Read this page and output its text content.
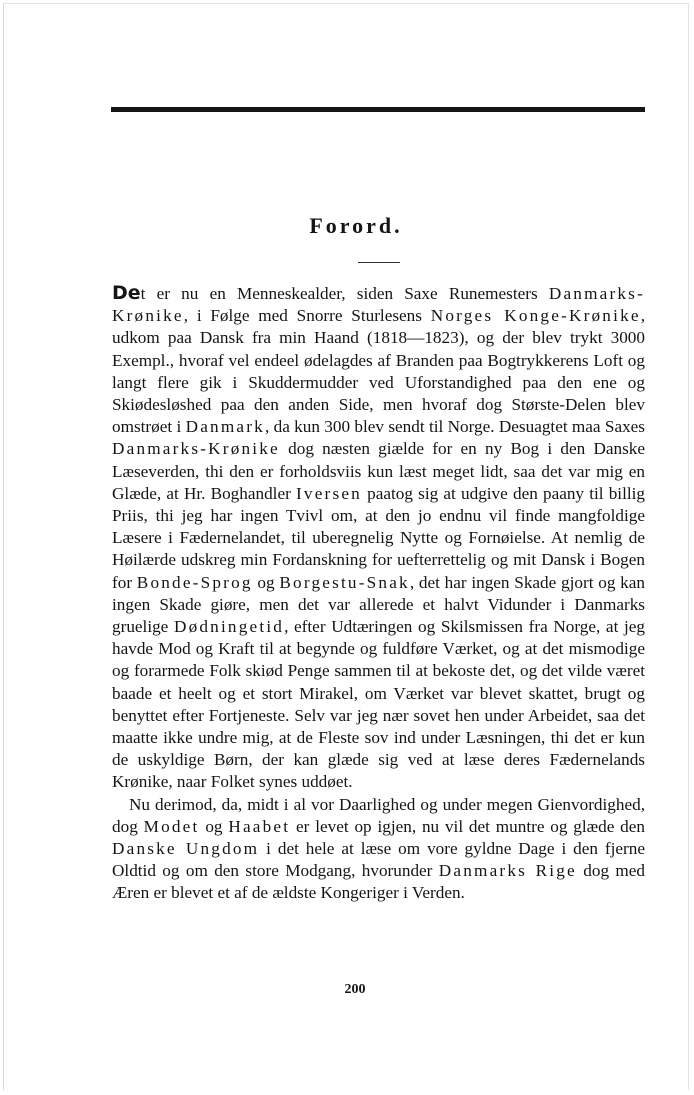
Forord.

Det er nu en Menneskealder, siden Saxe Runemesters Danmarks-Krønike, i Følge med Snorre Sturlesens Norges Konge-Krønike, udkom paa Dansk fra min Haand (1818—1823), og der blev trykt 3000 Exempl., hvoraf vel endeel ødelagdes af Branden paa Bogtrykkerens Loft og langt flere gik i Skuddermudder ved Uforstandighed paa den ene og Skiødesløshed paa den anden Side, men hvoraf dog Største-Delen blev omstrøet i Danmark, da kun 300 blev sendt til Norge. Desuagtet maa Saxes Danmarks-Krønike dog næsten giælde for en ny Bog i den Danske Læseverden, thi den er forholdsviis kun læst meget lidt, saa det var mig en Glæde, at Hr. Boghandler Iversen paatog sig at udgive den paany til billig Priis, thi jeg har ingen Tvivl om, at den jo endnu vil finde mangfoldige Læsere i Fædernelandet, til uberegnelig Nytte og Fornøielse. At nemlig de Høilærde udskreg min Fordanskning for uefterrettelig og mit Dansk i Bogen for Bonde-Sprog og Borgestu-Snak, det har ingen Skade gjort og kan ingen Skade giøre, men det var allerede et halvt Vidunder i Danmarks gruelige Dødningetid, efter Udtæringen og Skilsmissen fra Norge, at jeg havde Mod og Kraft til at begynde og fuldføre Værket, og at det mismodige og forarmede Folk skiød Penge sammen til at bekoste det, og det vilde været baade et heelt og et stort Mirakel, om Værket var blevet skattet, brugt og benyttet efter Fortjeneste. Selv var jeg nær sovet hen under Arbeidet, saa det maatte ikke undre mig, at de Fleste sov ind under Læsningen, thi det er kun de uskyldige Børn, der kan glæde sig ved at læse deres Fædernelands Krønike, naar Folket synes uddøet.

Nu derimod, da, midt i al vor Daarlighed og under megen Gienvordighed, dog Modet og Haabet er levet op igjen, nu vil det muntre og glæde den Danske Ungdom i det hele at læse om vore gyldne Dage i den fjerne Oldtid og om den store Modgang, hvorunder Danmarks Rige dog med Æren er blevet et af de ældste Kongeriger i Verden.

200
